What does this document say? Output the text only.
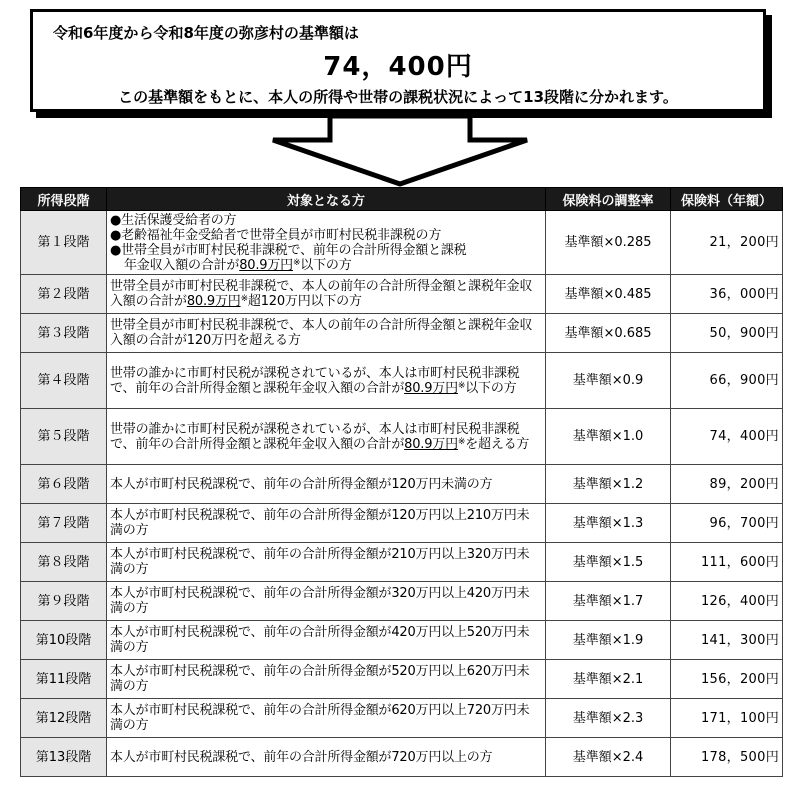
令和6年度から令和8年度の弥彦村の基準額は
74，400円
この基準額をもとに、本人の所得や世帯の課税状況によって13段階に分かれます。
所得段階	対象となる方	保険料の調整率	保険料（年額）
第１段階	●生活保護受給者の方
●老齢福祉年金受給者で世帯全員が市町村民税非課税の方
●世帯全員が市町村民税非課税で、前年の合計所得金額と課税
年金収入額の合計が80.9万円※以下の方	基準額×0.285	21，200円
第２段階	世帯全員が市町村民税非課税で、本人の前年の合計所得金額と課税年金収入額の合計が80.9万円※超120万円以下の方	基準額×0.485	36，000円
第３段階	世帯全員が市町村民税非課税で、本人の前年の合計所得金額と課税年金収入額の合計が120万円を超える方	基準額×0.685	50，900円
第４段階	世帯の誰かに市町村民税が課税されているが、本人は市町村民税非課税で、前年の合計所得金額と課税年金収入額の合計が80.9万円※以下の方	基準額×0.9	66，900円
第５段階	世帯の誰かに市町村民税が課税されているが、本人は市町村民税非課税で、前年の合計所得金額と課税年金収入額の合計が80.9万円※を超える方	基準額×1.0	74，400円
第６段階	本人が市町村民税課税で、前年の合計所得金額が120万円未満の方	基準額×1.2	89，200円
第７段階	本人が市町村民税課税で、前年の合計所得金額が120万円以上210万円未満の方	基準額×1.3	96，700円
第８段階	本人が市町村民税課税で、前年の合計所得金額が210万円以上320万円未満の方	基準額×1.5	111，600円
第９段階	本人が市町村民税課税で、前年の合計所得金額が320万円以上420万円未満の方	基準額×1.7	126，400円
第10段階	本人が市町村民税課税で、前年の合計所得金額が420万円以上520万円未満の方	基準額×1.9	141，300円
第11段階	本人が市町村民税課税で、前年の合計所得金額が520万円以上620万円未満の方	基準額×2.1	156，200円
第12段階	本人が市町村民税課税で、前年の合計所得金額が620万円以上720万円未満の方	基準額×2.3	171，100円
第13段階	本人が市町村民税課税で、前年の合計所得金額が720万円以上の方	基準額×2.4	178，500円
